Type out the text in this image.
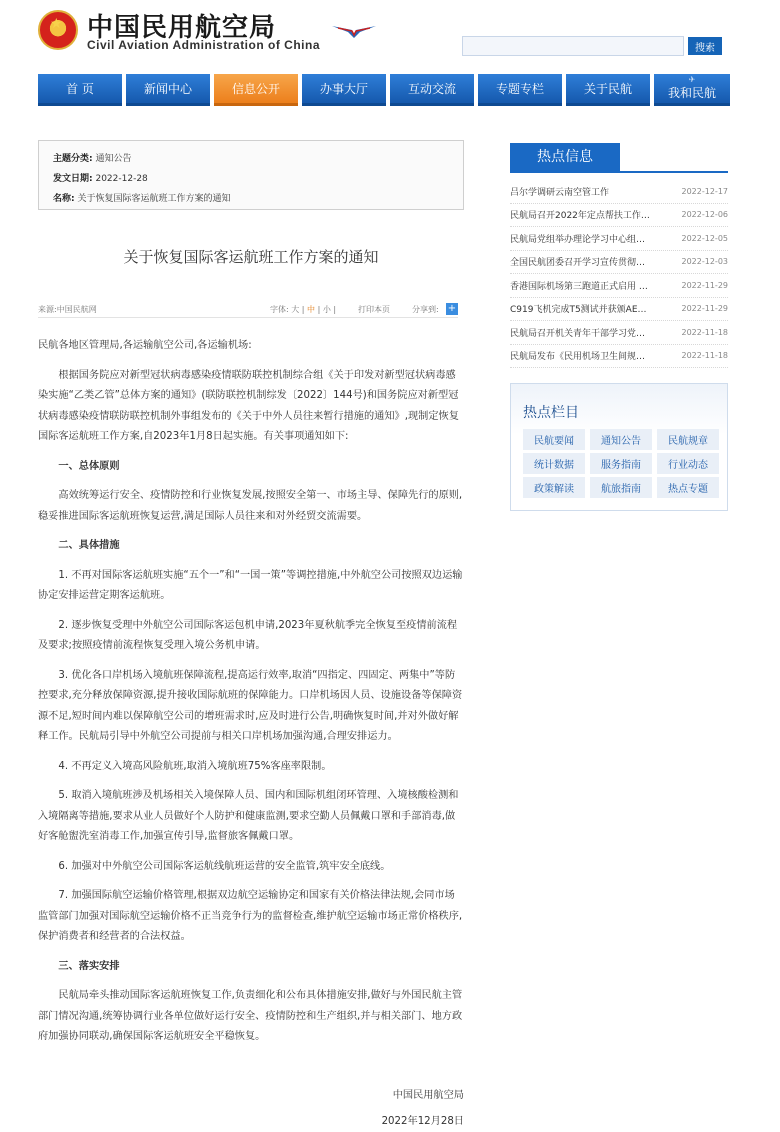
★ 中国民用航空局
Civil Aviation Administration of China	搜索
首 页	新闻中心	信息公开	办事大厅	互动交流	专题专栏	关于民航
✈
我和民航
主题分类: 通知公告
发文日期: 2022-12-28
名称: 关于恢复国际客运航班工作方案的通知
关于恢复国际客运航班工作方案的通知
来源:中国民航网	字体: 大 | 中 | 小 |	打印本页	分享到: +

民航各地区管理局,各运输航空公司,各运输机场:

根据国务院应对新型冠状病毒感染疫情联防联控机制综合组《关于印发对新型冠状病毒感染实施“乙类乙管”总体方案的通知》(联防联控机制综发〔2022〕144号)和国务院应对新型冠状病毒感染疫情联防联控机制外事组发布的《关于中外人员往来暂行措施的通知》,现制定恢复国际客运航班工作方案,自2023年1月8日起实施。有关事项通知如下:

一、总体原则

高效统筹运行安全、疫情防控和行业恢复发展,按照安全第一、市场主导、保障先行的原则,稳妥推进国际客运航班恢复运营,满足国际人员往来和对外经贸交流需要。

二、具体措施

1. 不再对国际客运航班实施“五个一”和“一国一策”等调控措施,中外航空公司按照双边运输协定安排运营定期客运航班。

2. 逐步恢复受理中外航空公司国际客运包机申请,2023年夏秋航季完全恢复至疫情前流程及要求;按照疫情前流程恢复受理入境公务机申请。

3. 优化各口岸机场入境航班保障流程,提高运行效率,取消“四指定、四固定、两集中”等防控要求,充分释放保障资源,提升接收国际航班的保障能力。口岸机场因人员、设施设备等保障资源不足,短时间内难以保障航空公司的增班需求时,应及时进行公告,明确恢复时间,并对外做好解释工作。民航局引导中外航空公司提前与相关口岸机场加强沟通,合理安排运力。

4. 不再定义入境高风险航班,取消入境航班75%客座率限制。

5. 取消入境航班涉及机场相关入境保障人员、国内和国际机组闭环管理、入境核酸检测和入境隔离等措施,要求从业人员做好个人防护和健康监测,要求空勤人员佩戴口罩和手部消毒,做好客舱盥洗室消毒工作,加强宣传引导,监督旅客佩戴口罩。

6. 加强对中外航空公司国际客运航线航班运营的安全监管,筑牢安全底线。

7. 加强国际航空运输价格管理,根据双边航空运输协定和国家有关价格法律法规,会同市场监管部门加强对国际航空运输价格不正当竞争行为的监督检查,维护航空运输市场正常价格秩序,保护消费者和经营者的合法权益。

三、落实安排

民航局牵头推动国际客运航班恢复工作,负责细化和公布具体措施安排,做好与外国民航主管部门情况沟通,统筹协调行业各单位做好运行安全、疫情防控和生产组织,并与相关部门、地方政府加强协同联动,确保国际客运航班安全平稳恢复。

中国民用航空局
2022年12月28日
热点信息
吕尔学调研云南空管工作	2022-12-17
民航局召开2022年定点帮扶工作…	2022-12-06
民航局党组举办理论学习中心组…	2022-12-05
全国民航团委召开学习宣传贯彻…	2022-12-03
香港国际机场第三跑道正式启用 …	2022-11-29
C919飞机完成T5测试并获颁AE…	2022-11-29
民航局召开机关青年干部学习党…	2022-11-18
民航局发布《民用机场卫生间规…	2022-11-18
热点栏目
民航要闻	通知公告	民航规章
统计数据	服务指南	行业动态
政策解读	航旅指南	热点专题
